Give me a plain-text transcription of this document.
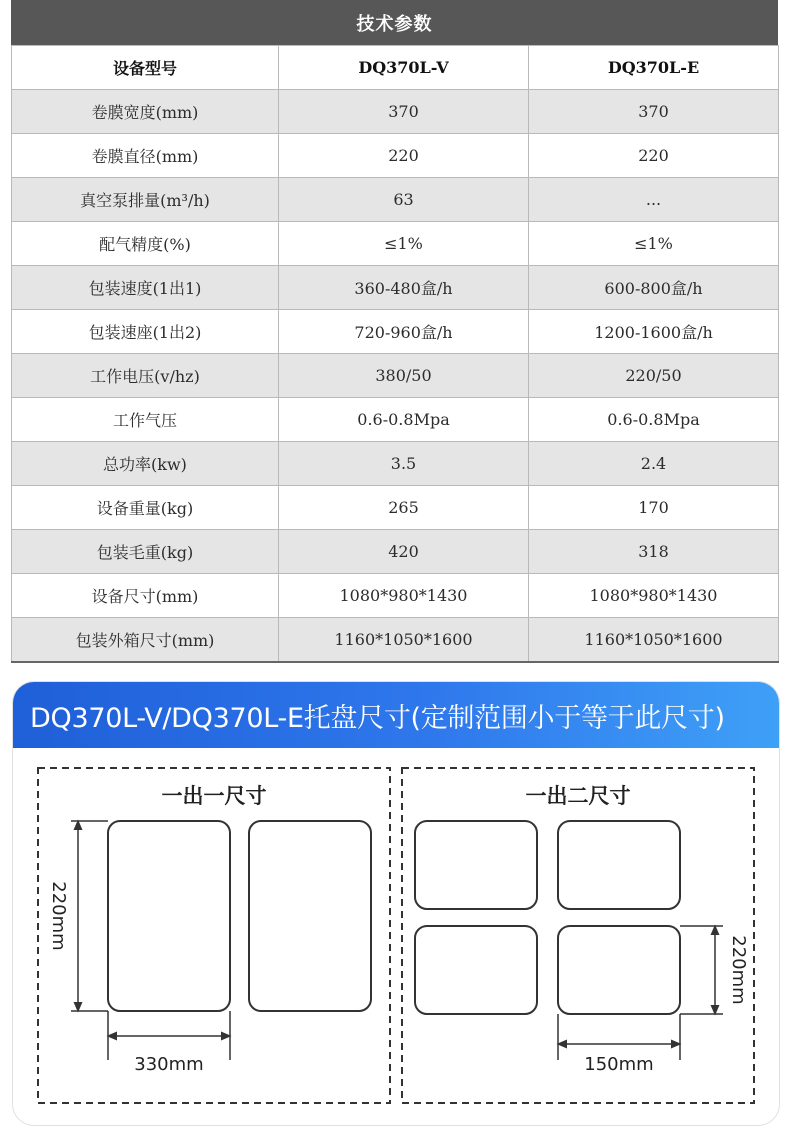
技术参数
设备型号	DQ370L-V	DQ370L-E
卷膜宽度(mm)	370	370
卷膜直径(mm)	220	220
真空泵排量(m³/h)	63	...
配气精度(%)	≤1%	≤1%
包装速度(1出1)	360-480盒/h	600-800盒/h
包装速座(1出2)	720-960盒/h	1200-1600盒/h
工作电压(v/hz)	380/50	220/50
工作气压	0.6-0.8Mpa	0.6-0.8Mpa
总功率(kw)	3.5	2.4
设备重量(kg)	265	170
包装毛重(kg)	420	318
设备尺寸(mm)	1080*980*1430	1080*980*1430
包装外箱尺寸(mm)	1160*1050*1600	1160*1050*1600
DQ370L-V/DQ370L-E托盘尺寸(定制范围小于等于此尺寸)
一出一尺寸
220mm
330mm
一出二尺寸
220mm
150mm
